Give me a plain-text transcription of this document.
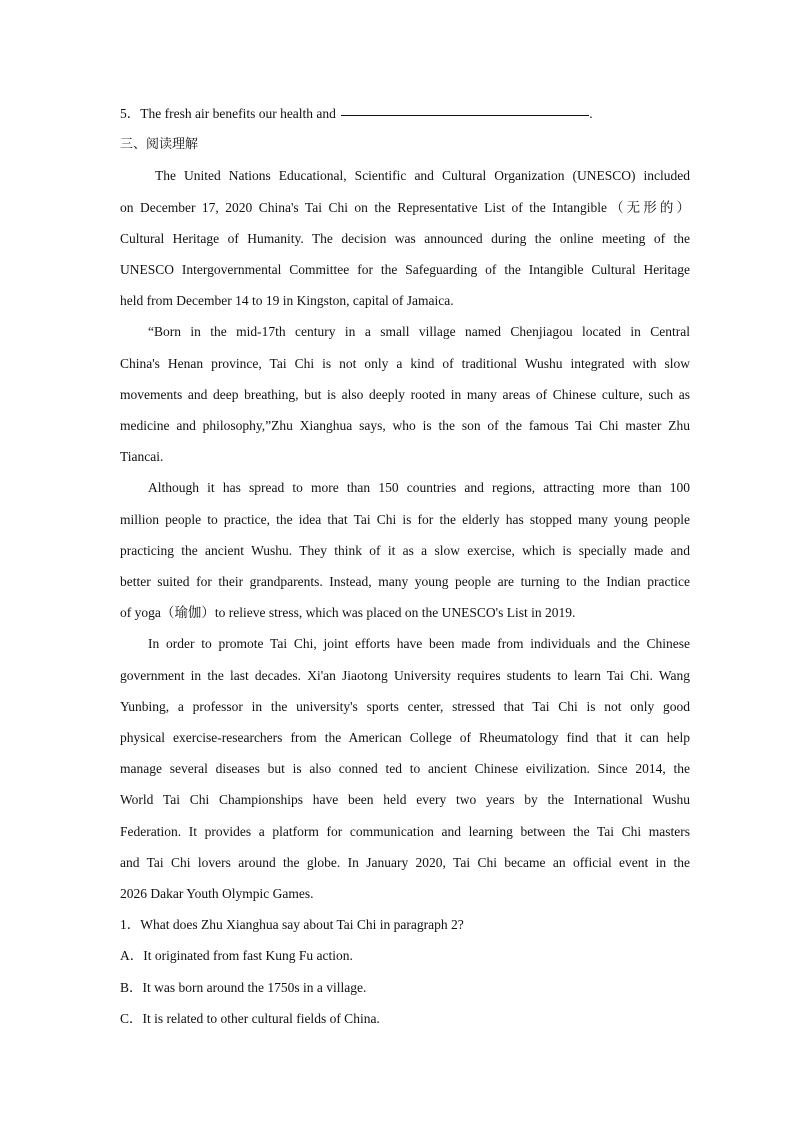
5．The fresh air benefits our health and	.
三、阅读理解
The United Nations Educational, Scientific and Cultural Organization (UNESCO) included
on December 17, 2020 China's Tai Chi on the Representative List of the Intangible（无形的）
Cultural Heritage of Humanity. The decision was announced during the online meeting of the
UNESCO Intergovernmental Committee for the Safeguarding of the Intangible Cultural Heritage
held from December 14 to 19 in Kingston, capital of Jamaica.
“Born in the mid-17th century in a small village named Chenjiagou located in Central
China's Henan province, Tai Chi is not only a kind of traditional Wushu integrated with slow
movements and deep breathing, but is also deeply rooted in many areas of Chinese culture, such as
medicine and philosophy,”Zhu Xianghua says, who is the son of the famous Tai Chi master Zhu
Tiancai.
Although it has spread to more than 150 countries and regions, attracting more than 100
million people to practice, the idea that Tai Chi is for the elderly has stopped many young people
practicing the ancient Wushu. They think of it as a slow exercise, which is specially made and
better suited for their grandparents. Instead, many young people are turning to the Indian practice
of yoga（瑜伽）to relieve stress, which was placed on the UNESCO's List in 2019.
In order to promote Tai Chi, joint efforts have been made from individuals and the Chinese
government in the last decades. Xi'an Jiaotong University requires students to learn Tai Chi. Wang
Yunbing, a professor in the university's sports center, stressed that Tai Chi is not only good
physical exercise-researchers from the American College of Rheumatology find that it can help
manage several diseases but is also conned ted to ancient Chinese eivilization. Since 2014, the
World Tai Chi Championships have been held every two years by the International Wushu
Federation. It provides a platform for communication and learning between the Tai Chi masters
and Tai Chi lovers around the globe. In January 2020, Tai Chi became an official event in the
2026 Dakar Youth Olympic Games.
1．What does Zhu Xianghua say about Tai Chi in paragraph 2?
A．It originated from fast Kung Fu action.
B．It was born around the 1750s in a village.
C．It is related to other cultural fields of China.
